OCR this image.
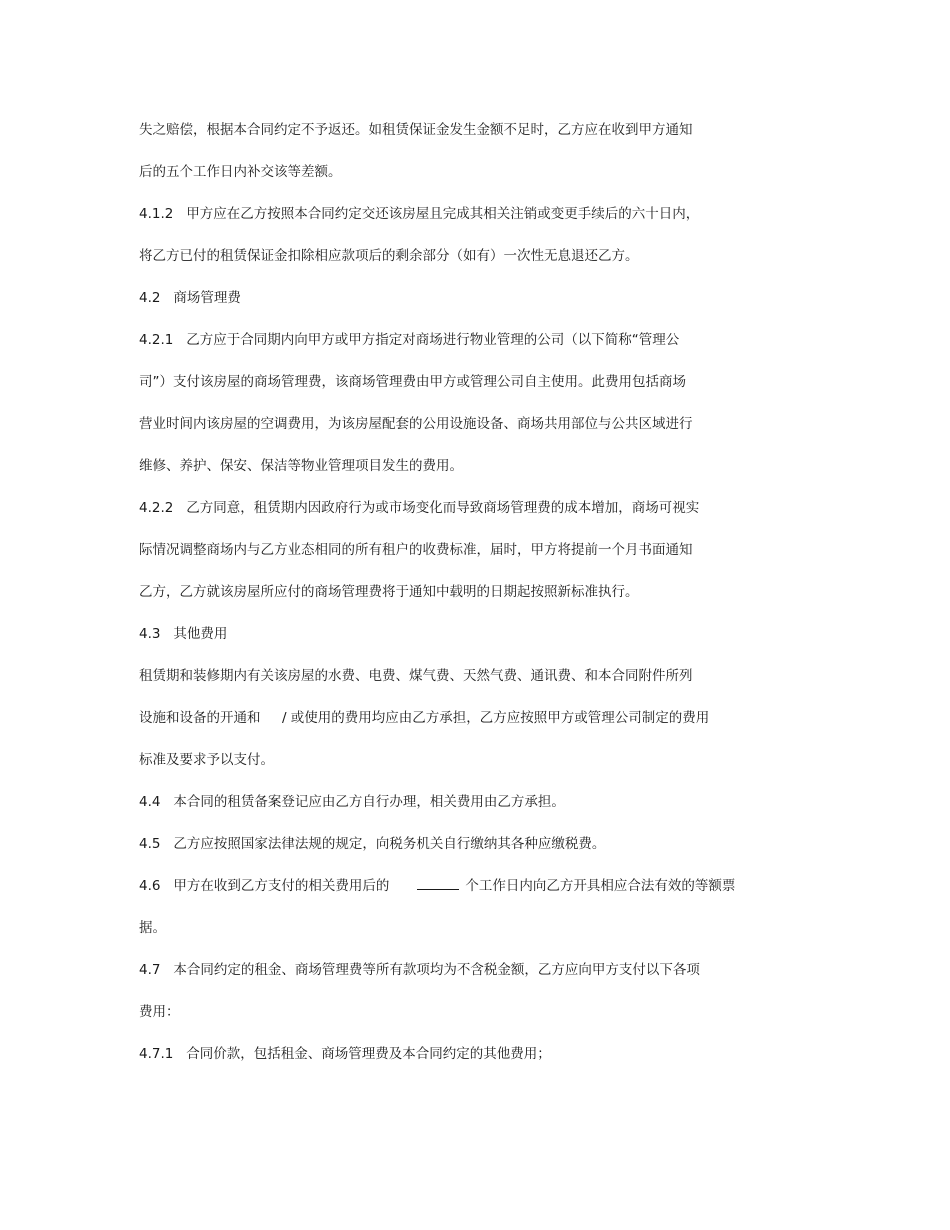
失之赔偿，根据本合同约定不予返还。如租赁保证金发生金额不足时，乙方应在收到甲方通知
后的五个工作日内补交该等差额。
4.1.2   甲方应在乙方按照本合同约定交还该房屋且完成其相关注销或变更手续后的六十日内，
将乙方已付的租赁保证金扣除相应款项后的剩余部分（如有）一次性无息退还乙方。
4.2   商场管理费
4.2.1   乙方应于合同期内向甲方或甲方指定对商场进行物业管理的公司（以下简称“管理公
司”）支付该房屋的商场管理费，该商场管理费由甲方或管理公司自主使用。此费用包括商场
营业时间内该房屋的空调费用，为该房屋配套的公用设施设备、商场共用部位与公共区域进行
维修、养护、保安、保洁等物业管理项目发生的费用。
4.2.2   乙方同意，租赁期内因政府行为或市场变化而导致商场管理费的成本增加，商场可视实
际情况调整商场内与乙方业态相同的所有租户的收费标准，届时，甲方将提前一个月书面通知
乙方，乙方就该房屋所应付的商场管理费将于通知中载明的日期起按照新标准执行。
4.3   其他费用
租赁期和装修期内有关该房屋的水费、电费、煤气费、天然气费、通讯费、和本合同附件所列
设施和设备的开通和     / 或使用的费用均应由乙方承担，乙方应按照甲方或管理公司制定的费用
标准及要求予以支付。
4.4   本合同的租赁备案登记应由乙方自行办理，相关费用由乙方承担。
4.5   乙方应按照国家法律法规的规定，向税务机关自行缴纳其各种应缴税费。
4.6   甲方在收到乙方支付的相关费用后的	个工作日内向乙方开具相应合法有效的等额票
据。
4.7   本合同约定的租金、商场管理费等所有款项均为不含税金额，乙方应向甲方支付以下各项
费用：
4.7.1   合同价款，包括租金、商场管理费及本合同约定的其他费用；
